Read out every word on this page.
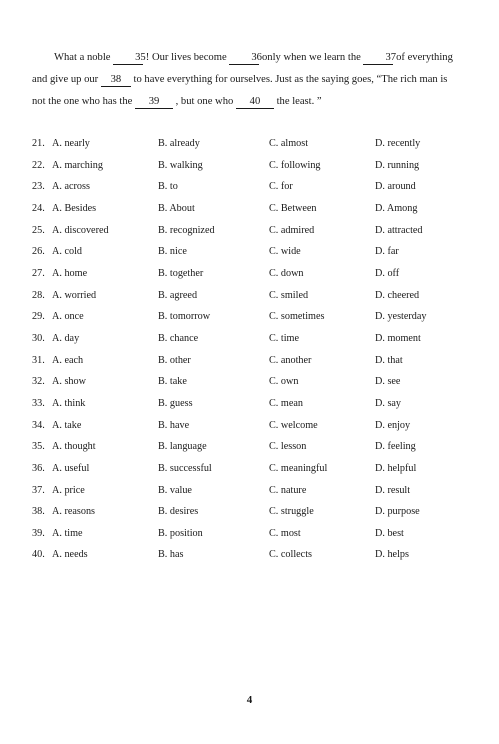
What a noble 35 ! Our lives become 36 only when we learn the 37 of everything

and give up our 38 to have everything for ourselves. Just as the saying goes, “The rich man is

not the one who has the 39 , but one who 40 the least. ”

21. A. nearly	B. already	C. almost	D. recently
22. A. marching	B. walking	C. following	D. running
23. A. across	B. to	C. for	D. around
24. A. Besides	B. About	C. Between	D. Among
25. A. discovered	B. recognized	C. admired	D. attracted
26. A. cold	B. nice	C. wide	D. far
27. A. home	B. together	C. down	D. off
28. A. worried	B. agreed	C. smiled	D. cheered
29. A. once	B. tomorrow	C. sometimes	D. yesterday
30. A. day	B. chance	C. time	D. moment
31. A. each	B. other	C. another	D. that
32. A. show	B. take	C. own	D. see
33. A. think	B. guess	C. mean	D. say
34. A. take	B. have	C. welcome	D. enjoy
35. A. thought	B. language	C. lesson	D. feeling
36. A. useful	B. successful	C. meaningful	D. helpful
37. A. price	B. value	C. nature	D. result
38. A. reasons	B. desires	C. struggle	D. purpose
39. A. time	B. position	C. most	D. best
40. A. needs	B. has	C. collects	D. helps
4
